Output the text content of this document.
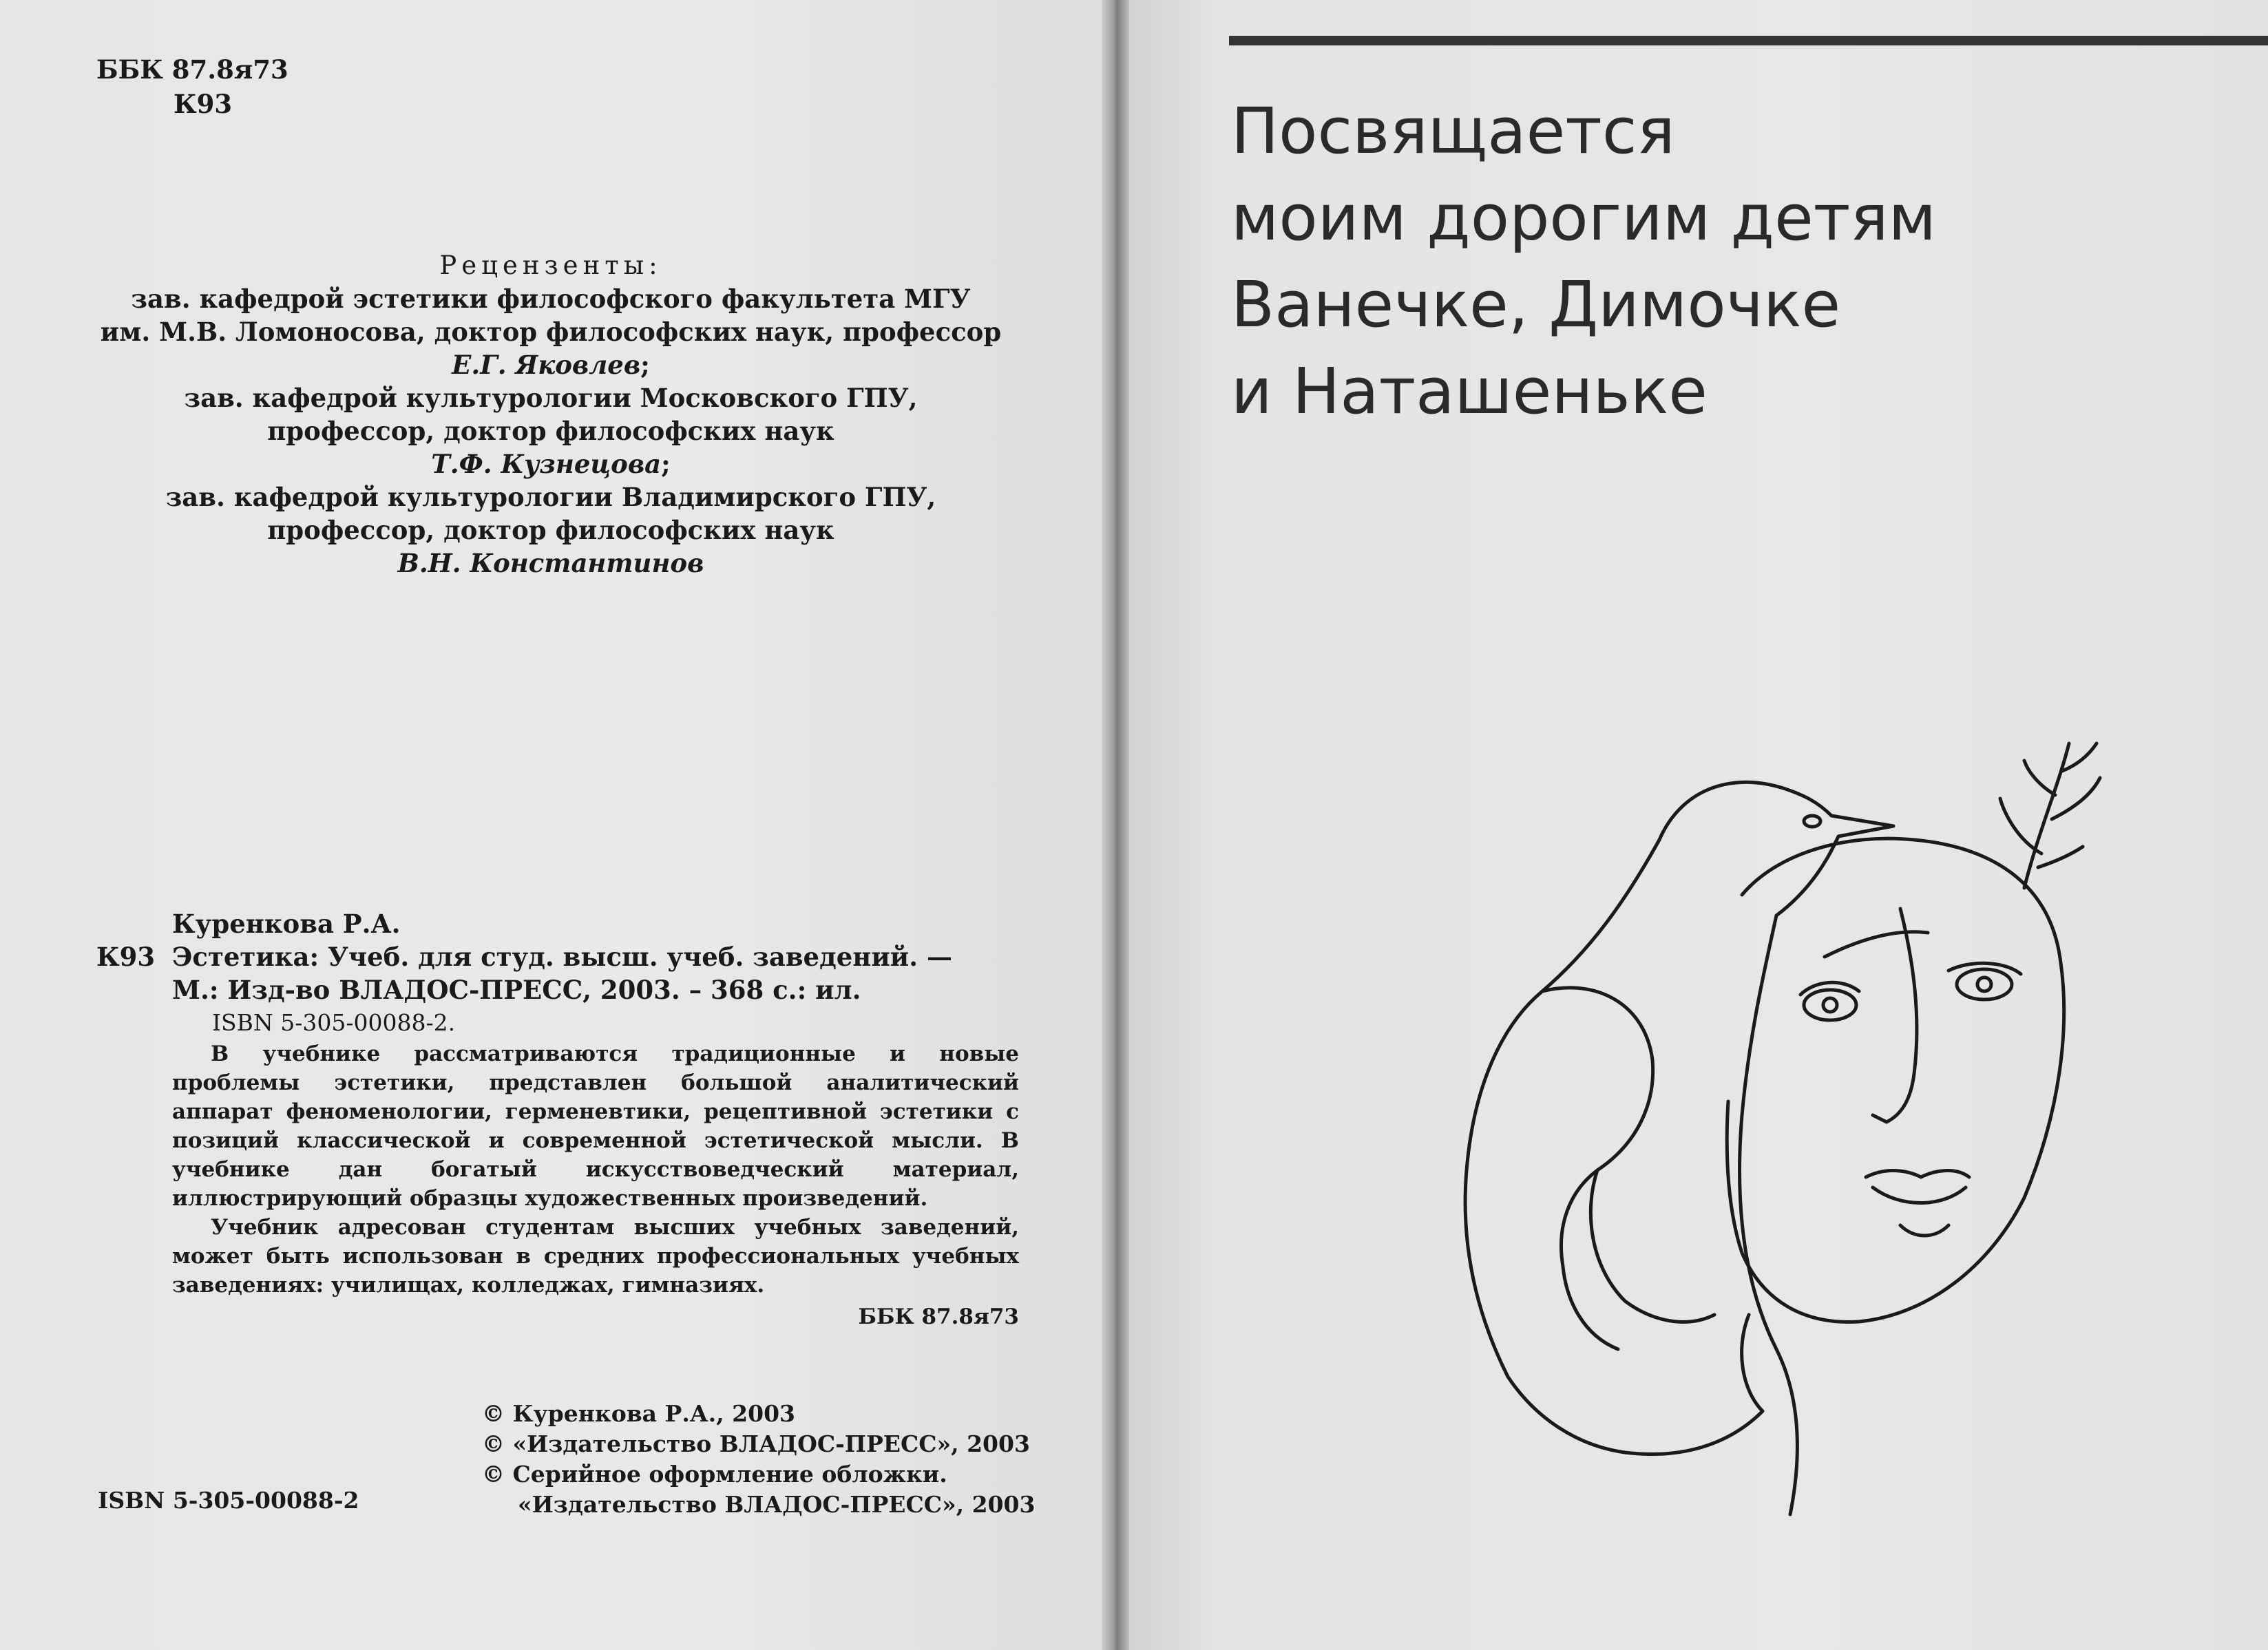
ББК 87.8я73
К93
Рецензенты:
зав. кафедрой эстетики философского факультета МГУ
им. М.В. Ломоносова, доктор философских наук, профессор
Е.Г. Яковлев;
зав. кафедрой культурологии Московского ГПУ,
профессор, доктор философских наук
Т.Ф. Кузнецова;
зав. кафедрой культурологии Владимирского ГПУ,
профессор, доктор философских наук
В.Н. Константинов
Куренкова Р.А.
К93 Эстетика: Учеб. для студ. высш. учеб. заведений. —
М.: Изд-во ВЛАДОС-ПРЕСС, 2003. – 368 с.: ил.
ISBN 5-305-00088-2.

В учебнике рассматриваются традиционные и новые проблемы эстетики, представлен большой аналитический аппарат феноменологии, герменевтики, рецептивной эстетики с позиций классической и современной эстетической мысли. В учебнике дан богатый искусствоведческий материал, иллюстрирующий образцы художественных произведений.

Учебник адресован студентам высших учебных заведений, может быть использован в средних профессиональных учебных заведениях: училищах, колледжах, гимназиях.

ББК 87.8я73

© Куренкова Р.А., 2003
© «Издательство ВЛАДОС-ПРЕСС», 2003
© Серийное оформление обложки.
«Издательство ВЛАДОС-ПРЕСС», 2003
ISBN 5-305-00088-2
Посвящается
моим дорогим детям
Ванечке, Димочке
и Наташеньке
